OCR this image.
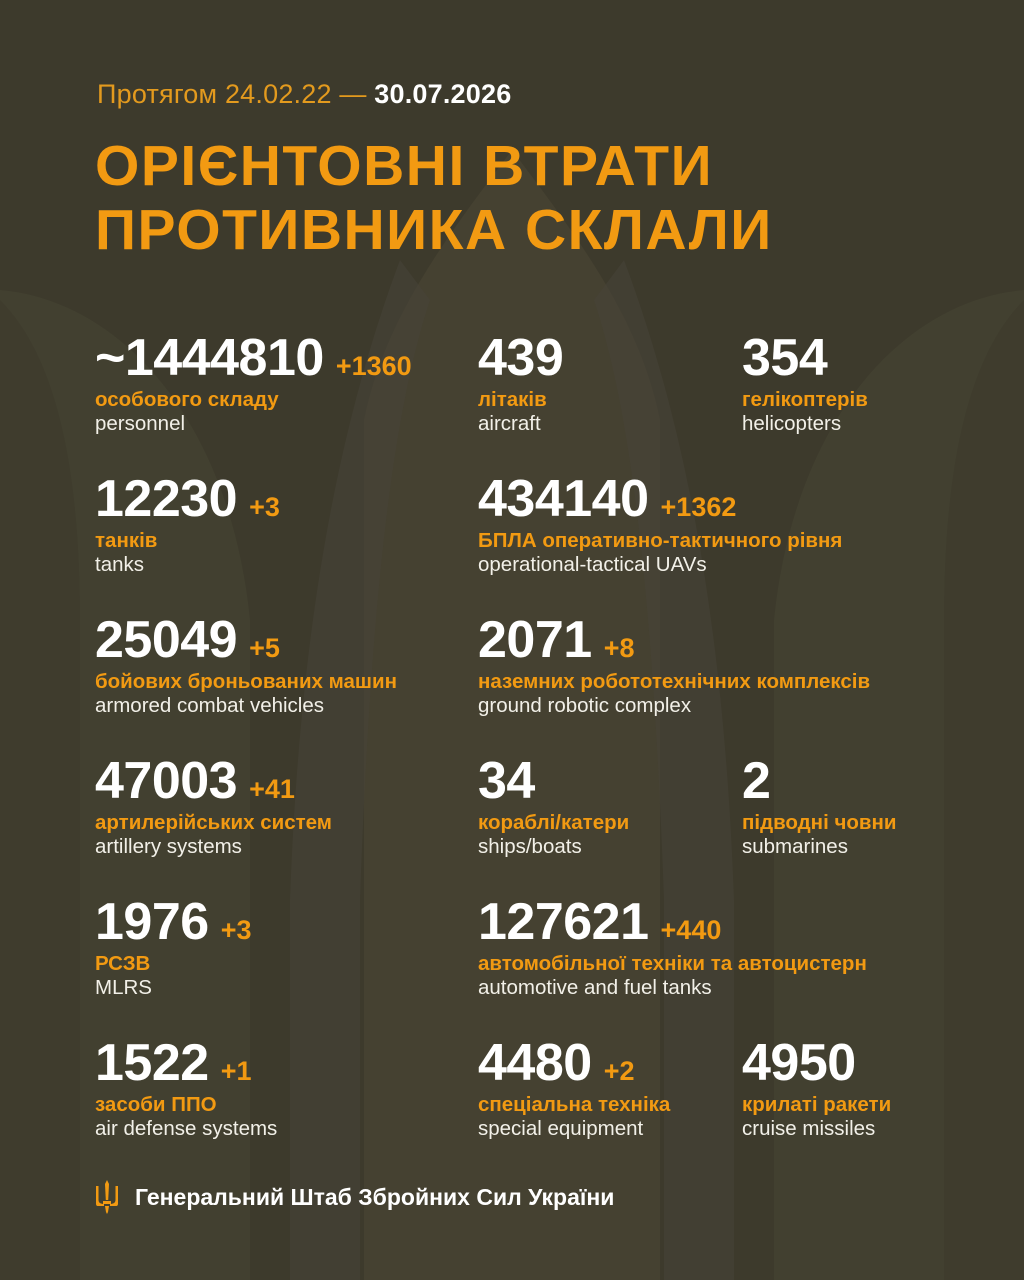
Протягом 24.02.22 — 30.07.2026
ОРІЄНТОВНІ ВТРАТИ
ПРОТИВНИКА СКЛАЛИ
~1444810 +1360
особового складу
personnel
439
літаків
aircraft
354
гелікоптерів
helicopters
12230 +3
танків
tanks
434140 +1362
БПЛА оперативно-тактичного рівня
operational-tactical UAVs
25049 +5
бойових броньованих машин
armored combat vehicles
2071 +8
наземних робототехнічних комплексів
ground robotic complex
47003 +41
артилерійських систем
artillery systems
34
кораблі/катери
ships/boats
2
підводні човни
submarines
1976 +3
РСЗВ
MLRS
127621 +440
автомобільної техніки та автоцистерн
automotive and fuel tanks
1522 +1
засоби ППО
air defense systems
4480 +2
спеціальна техніка
special equipment
4950
крилаті ракети
cruise missiles
Генеральний Штаб Збройних Сил України
